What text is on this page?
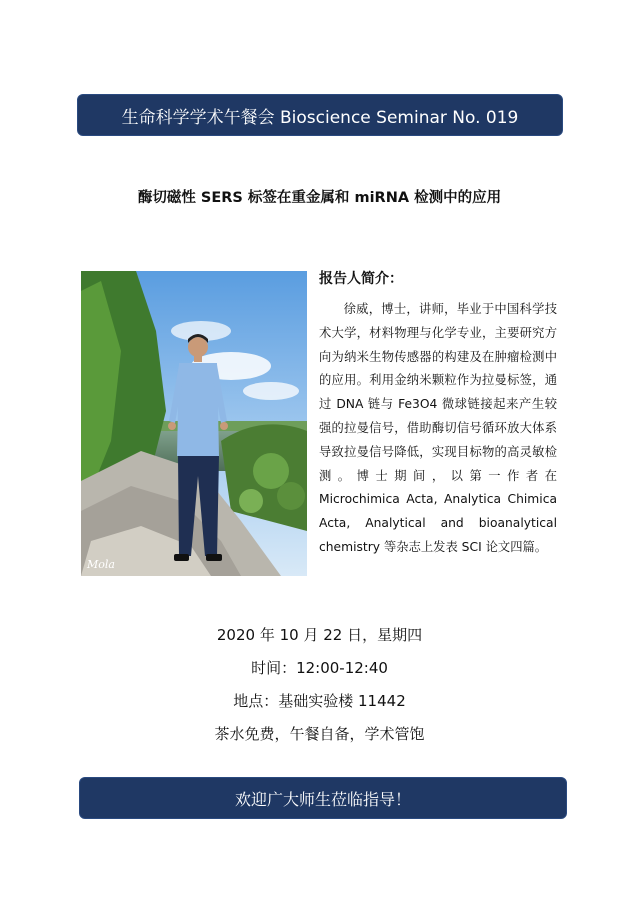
生命科学学术午餐会 Bioscience Seminar No. 019
酶切磁性 SERS 标签在重金属和 miRNA 检测中的应用
Mola
报告人简介：
徐威，博士，讲师，毕业于中国科学技术大学，材料物理与化学专业，主要研究方向为纳米生物传感器的构建及在肿瘤检测中的应用。利用金纳米颗粒作为拉曼标签，通过 DNA 链与 Fe3O4 微球链接起来产生较强的拉曼信号，借助酶切信号循环放大体系导致拉曼信号降低，实现目标物的高灵敏检测。博士期间，以第一作者在 Microchimica Acta, Analytica Chimica Acta, Analytical and bioanalytical chemistry 等杂志上发表 SCI 论文四篇。
2020 年 10 月 22 日，星期四
时间：12:00-12:40
地点：基础实验楼 11442
茶水免费，午餐自备，学术管饱
欢迎广大师生莅临指导！
